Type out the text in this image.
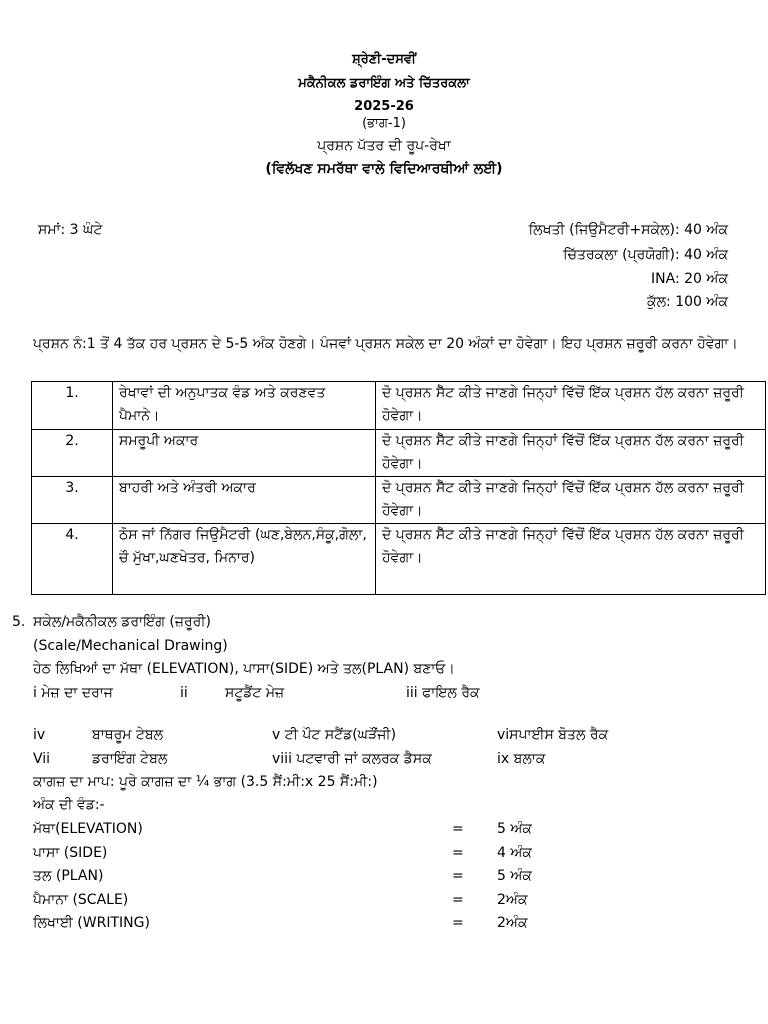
ਸ਼੍ਰੇਣੀ-ਦਸਵੀਂ
ਮਕੈਨੀਕਲ ਡਰਾਇੰਗ ਅਤੇ ਚਿੱਤਰਕਲਾ
2025-26
(ਭਾਗ-1)
ਪ੍ਰਸ਼ਨ ਪੱਤਰ ਦੀ ਰੂਪ-ਰੇਖਾ
(ਵਿਲੱਖਣ ਸਮਰੱਥਾ ਵਾਲੇ ਵਿਦਿਆਰਥੀਆਂ ਲਈ)
ਸਮਾਂ: 3 ਘੰਟੇ	ਲਿਖਤੀ (ਜਿਉਮੈਟਰੀ+ਸਕੇਲ): 40 ਅੰਕ
ਚਿੱਤਰਕਲਾ (ਪ੍ਰਯੋਗੀ): 40 ਅੰਕ
INA: 20 ਅੰਕ
ਕੁੱਲ: 100 ਅੰਕ
ਪ੍ਰਸ਼ਨ ਨੰ:1 ਤੋਂ 4 ਤੱਕ ਹਰ ਪ੍ਰਸ਼ਨ ਦੇ 5-5 ਅੰਕ ਹੋਣਗੇ। ਪੰਜਵਾਂ ਪ੍ਰਸ਼ਨ ਸਕੇਲ ਦਾ 20 ਅੰਕਾਂ ਦਾ ਹੋਵੇਗਾ। ਇਹ ਪ੍ਰਸ਼ਨ ਜ਼ਰੂਰੀ ਕਰਨਾ ਹੋਵੇਗਾ।
1.	ਰੇਖਾਵਾਂ ਦੀ ਅਨੁਪਾਤਕ ਵੰਡ ਅਤੇ ਕਰਣਵਤ ਪੈਮਾਨੇ।	ਦੋ ਪ੍ਰਸ਼ਨ ਸੈੱਟ ਕੀਤੇ ਜਾਣਗੇ ਜਿਨ੍ਹਾਂ ਵਿੱਚੋਂ ਇੱਕ ਪ੍ਰਸ਼ਨ ਹੱਲ ਕਰਨਾ ਜ਼ਰੂਰੀ ਹੋਵੇਗਾ।
2.	ਸਮਰੂਪੀ ਅਕਾਰ	ਦੋ ਪ੍ਰਸ਼ਨ ਸੈੱਟ ਕੀਤੇ ਜਾਣਗੇ ਜਿਨ੍ਹਾਂ ਵਿੱਚੋਂ ਇੱਕ ਪ੍ਰਸ਼ਨ ਹੱਲ ਕਰਨਾ ਜ਼ਰੂਰੀ ਹੋਵੇਗਾ।
3.	ਬਾਹਰੀ ਅਤੇ ਅੰਤਰੀ ਅਕਾਰ	ਦੋ ਪ੍ਰਸ਼ਨ ਸੈੱਟ ਕੀਤੇ ਜਾਣਗੇ ਜਿਨ੍ਹਾਂ ਵਿੱਚੋਂ ਇੱਕ ਪ੍ਰਸ਼ਨ ਹੱਲ ਕਰਨਾ ਜ਼ਰੂਰੀ ਹੋਵੇਗਾ।
4.	ਠੋਸ ਜਾਂ ਨਿੱਗਰ ਜਿਉਮੈਟਰੀ (ਘਣ,ਬੇਲਨ,ਸੰਕੂ,ਗੋਲਾ, ਚੌ ਮੁੱਖਾ,ਘਣਖੇਤਰ, ਮਿਨਾਰ)	ਦੋ ਪ੍ਰਸ਼ਨ ਸੈੱਟ ਕੀਤੇ ਜਾਣਗੇ ਜਿਨ੍ਹਾਂ ਵਿੱਚੋਂ ਇੱਕ ਪ੍ਰਸ਼ਨ ਹੱਲ ਕਰਨਾ ਜ਼ਰੂਰੀ ਹੋਵੇਗਾ।
5. ਸਕੇਲ/ਮਕੈਨੀਕਲ ਡਰਾਇੰਗ (ਜ਼ਰੂਰੀ)
(Scale/Mechanical Drawing)
ਹੇਠ ਲਿਖਿਆਂ ਦਾ ਮੱਥਾ (ELEVATION), ਪਾਸਾ(SIDE) ਅਤੇ ਤਲ(PLAN) ਬਣਾਓ।
i ਮੇਜ਼ ਦਾ ਦਰਾਜ	ii	ਸਟੂਡੈਂਟ ਮੇਜ਼	iii ਫਾਇਲ ਰੈਕ
iv	ਬਾਥਰੂਮ ਟੇਬਲ	v ਟੀ ਪੌਟ ਸਟੈਂਡ(ਘੜੌਂਜੀ)	viਸਪਾਈਸ ਬੋਤਲ ਰੈਕ
Vii	ਡਰਾਇੰਗ ਟੇਬਲ	viii ਪਟਵਾਰੀ ਜਾਂ ਕਲਰਕ ਡੈਸਕ	ix ਬਲਾਕ
ਕਾਗਜ਼ ਦਾ ਮਾਪ: ਪੂਰੇ ਕਾਗਜ਼ ਦਾ ¼ ਭਾਗ (3.5 ਸੈਂ:ਮੀ:x 25 ਸੈਂ:ਮੀ:)
ਅੰਕ ਦੀ ਵੰਡ:-
ਮੱਥਾ(ELEVATION)	= 5 ਅੰਕ
ਪਾਸਾ (SIDE)	= 4 ਅੰਕ
ਤਲ (PLAN)	= 5 ਅੰਕ
ਪੈਮਾਨਾ (SCALE)	= 2ਅੰਕ
ਲਿਖਾਈ (WRITING)	= 2ਅੰਕ
